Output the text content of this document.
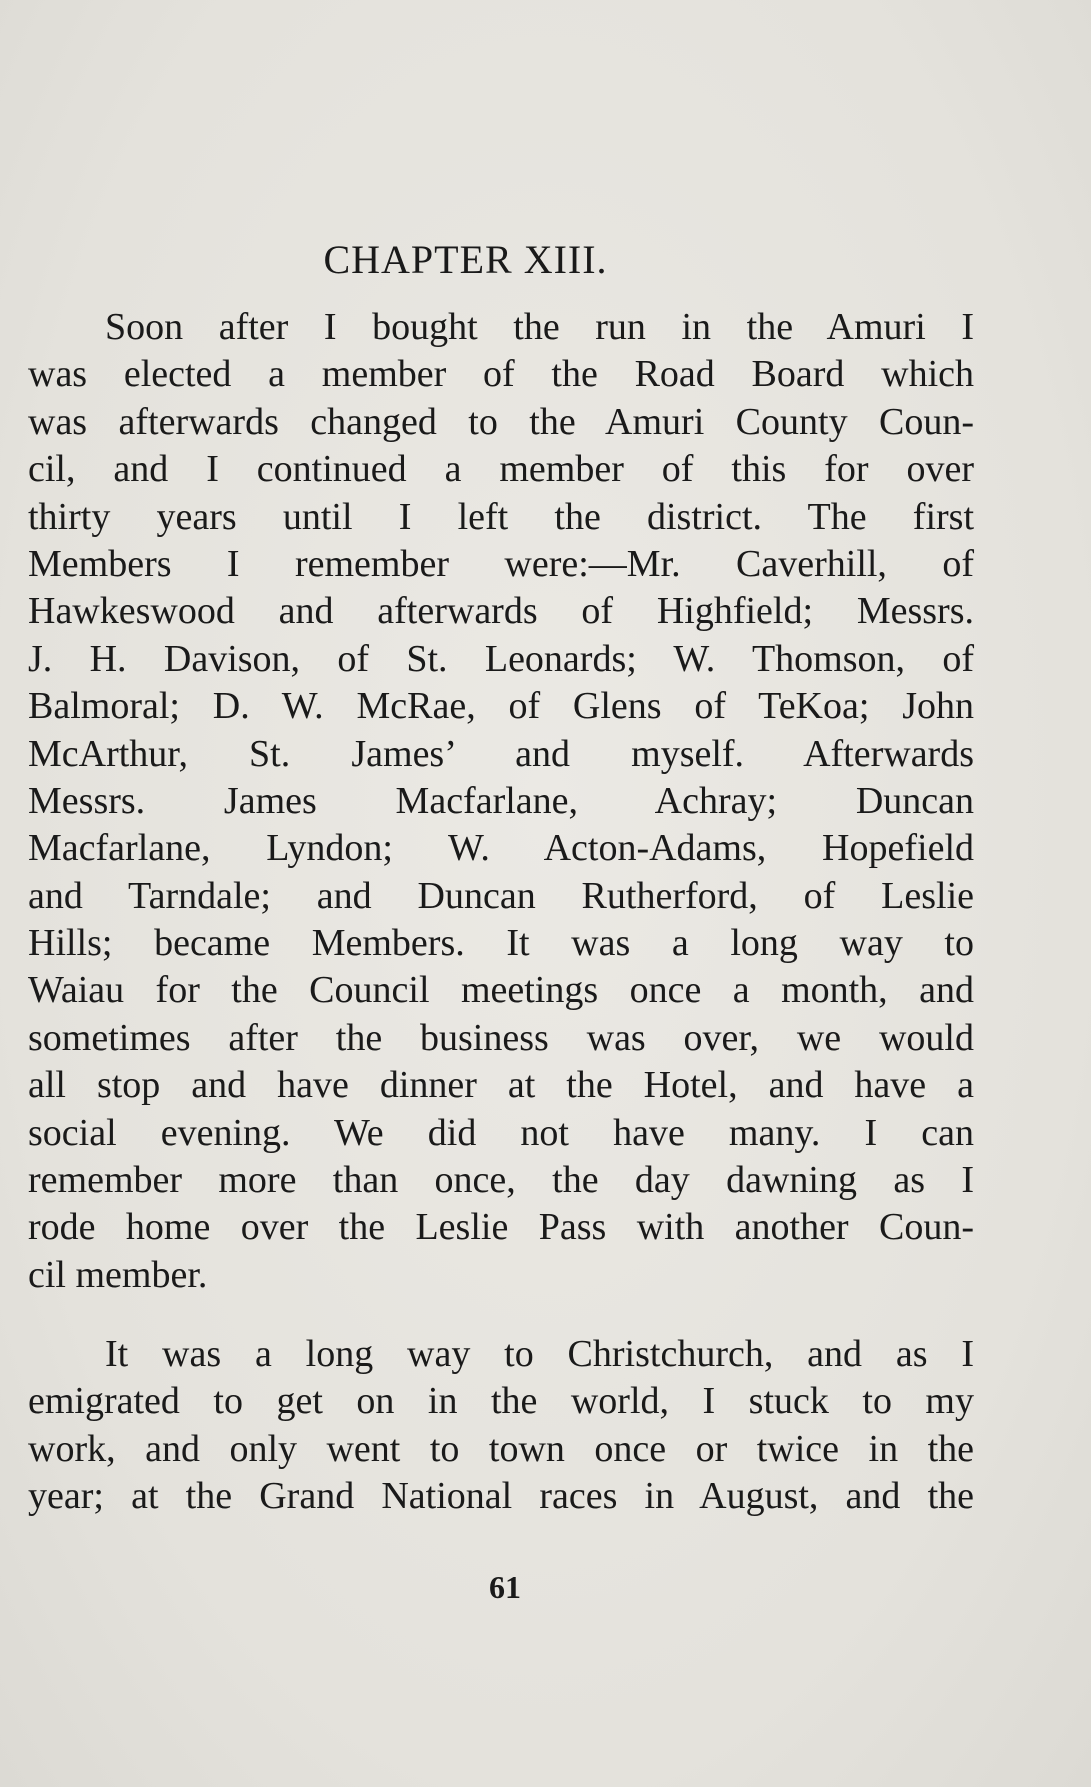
CHAPTER XIII.
Soon after I bought the run in the Amuri I
was elected a member of the Road Board which
was afterwards changed to the Amuri County Coun-
cil, and I continued a member of this for over
thirty years until I left the district. The first
Members I remember were:—Mr. Caverhill, of
Hawkeswood and afterwards of Highfield; Messrs.
J. H. Davison, of St. Leonards; W. Thomson, of
Balmoral; D. W. McRae, of Glens of TeKoa; John
McArthur, St. James’ and myself. Afterwards
Messrs. James Macfarlane, Achray; Duncan
Macfarlane, Lyndon; W. Acton-Adams, Hopefield
and Tarndale; and Duncan Rutherford, of Leslie
Hills; became Members. It was a long way to
Waiau for the Council meetings once a month, and
sometimes after the business was over, we would
all stop and have dinner at the Hotel, and have a
social evening. We did not have many. I can
remember more than once, the day dawning as I
rode home over the Leslie Pass with another Coun-
cil member.
It was a long way to Christchurch, and as I
emigrated to get on in the world, I stuck to my
work, and only went to town once or twice in the
year; at the Grand National races in August, and the
61
